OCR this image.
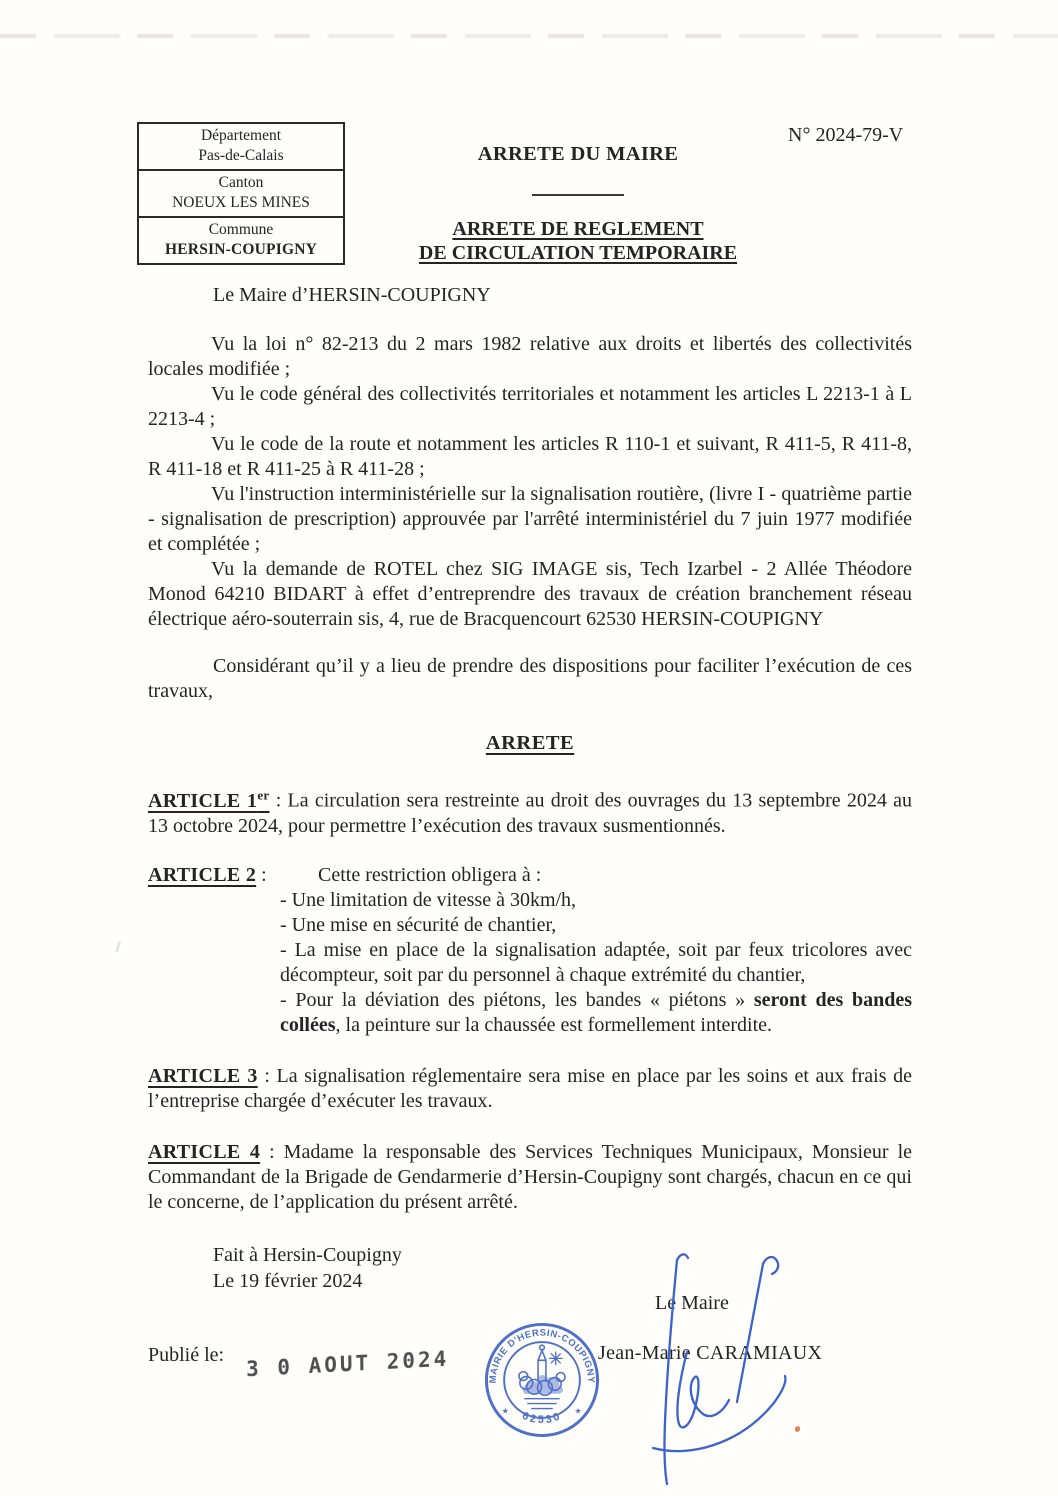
Département
Pas-de-Calais
Canton
NOEUX LES MINES
Commune
HERSIN-COUPIGNY
N° 2024-79-V
ARRETE DU MAIRE
ARRETE DE REGLEMENT
DE CIRCULATION TEMPORAIRE

Le Maire d’HERSIN-COUPIGNY

Vu la loi n° 82-213 du 2 mars 1982 relative aux droits et libertés des collectivités locales modifiée ;

Vu le code général des collectivités territoriales et notamment les articles L 2213-1 à L 2213-4 ;

Vu le code de la route et notamment les articles R 110-1 et suivant, R 411-5, R 411-8, R 411-18 et R 411-25 à R 411-28 ;

Vu l'instruction interministérielle sur la signalisation routière, (livre I - quatrième partie - signalisation de prescription) approuvée par l'arrêté interministériel du 7 juin 1977 modifiée et complétée ;

Vu la demande de ROTEL chez SIG IMAGE sis, Tech Izarbel - 2 Allée Théodore Monod 64210 BIDART à effet d’entreprendre des travaux de création branchement réseau électrique aéro-souterrain sis, 4, rue de Bracquencourt 62530 HERSIN-COUPIGNY

Considérant qu’il y a lieu de prendre des dispositions pour faciliter l’exécution de ces travaux,

ARRETE

ARTICLE 1er : La circulation sera restreinte au droit des ouvrages du 13 septembre 2024 au 13 octobre 2024, pour permettre l’exécution des travaux susmentionnés.

ARTICLE 2 :	Cette restriction obligera à :

- Une limitation de vitesse à 30km/h,

- Une mise en sécurité de chantier,

- La mise en place de la signalisation adaptée, soit par feux tricolores avec décompteur, soit par du personnel à chaque extrémité du chantier,

- Pour la déviation des piétons, les bandes « piétons » seront des bandes collées, la peinture sur la chaussée est formellement interdite.

ARTICLE 3 : La signalisation réglementaire sera mise en place par les soins et aux frais de l’entreprise chargée d’exécuter les travaux.

ARTICLE 4 : Madame la responsable des Services Techniques Municipaux, Monsieur le Commandant de la Brigade de Gendarmerie d’Hersin-Coupigny sont chargés, chacun en ce qui le concerne, de l’application du présent arrêté.

Fait à Hersin-Coupigny
Le 19 février 2024
Publié le: 3 0 AOUT 2024
Le Maire
Jean-Marie CARAMIAUX
MAIRIE D'HERSIN-COUPIGNY
62530
★	★
